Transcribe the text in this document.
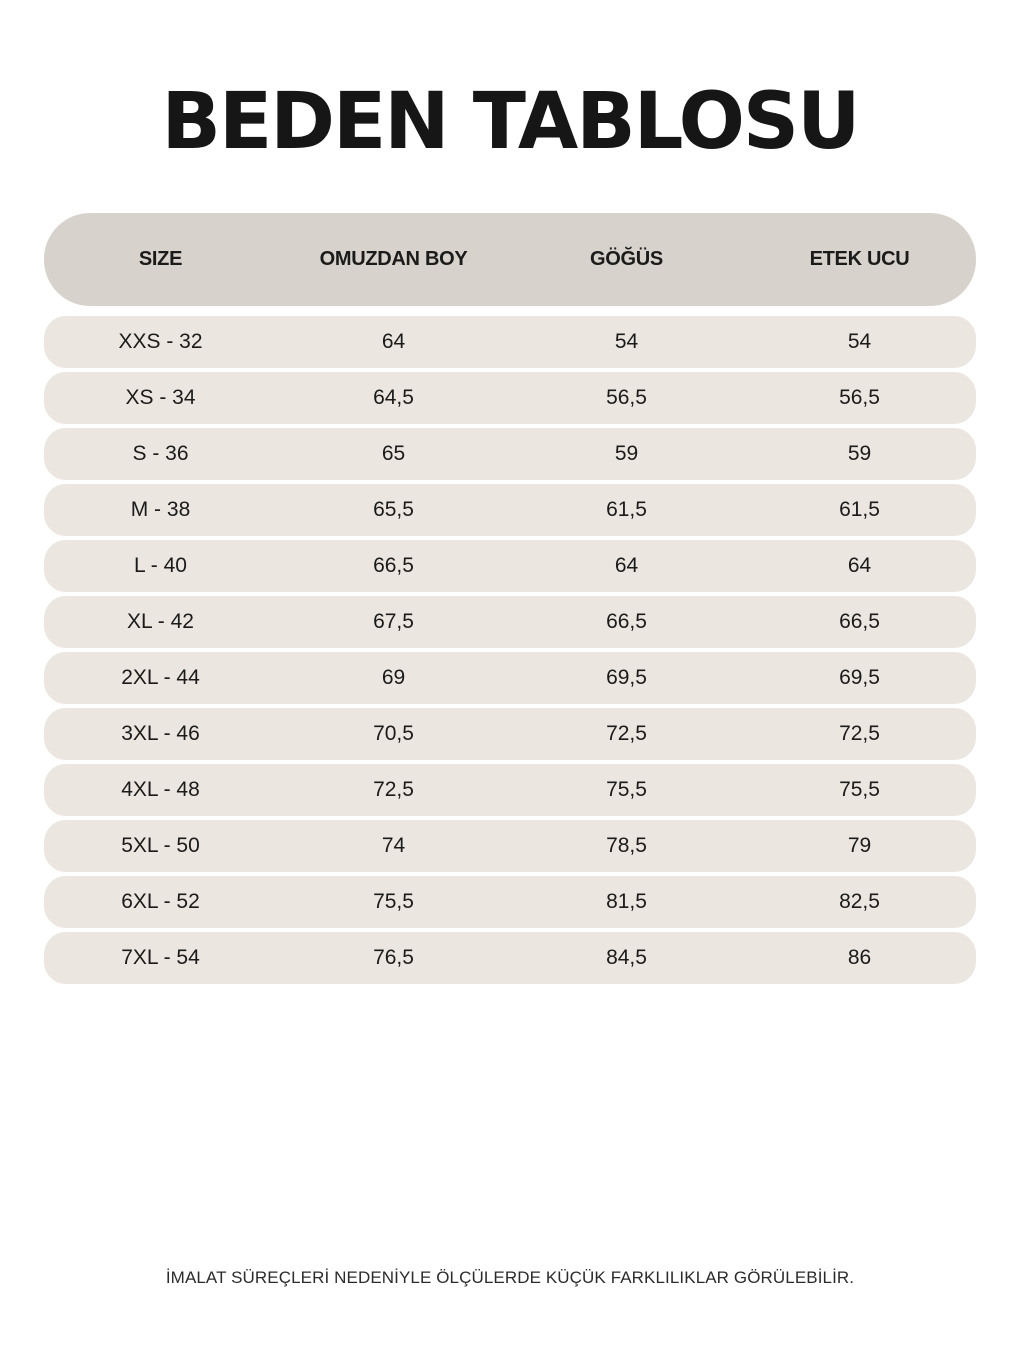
BEDEN TABLOSU
SIZE	OMUZDAN BOY	GÖĞÜS	ETEK UCU
XXS - 32	64	54	54
XS - 34	64,5	56,5	56,5
S - 36	65	59	59
M - 38	65,5	61,5	61,5
L - 40	66,5	64	64
XL - 42	67,5	66,5	66,5
2XL - 44	69	69,5	69,5
3XL - 46	70,5	72,5	72,5
4XL - 48	72,5	75,5	75,5
5XL - 50	74	78,5	79
6XL - 52	75,5	81,5	82,5
7XL - 54	76,5	84,5	86
İMALAT SÜREÇLERİ NEDENİYLE ÖLÇÜLERDE KÜÇÜK FARKLILIKLAR GÖRÜLEBİLİR.
